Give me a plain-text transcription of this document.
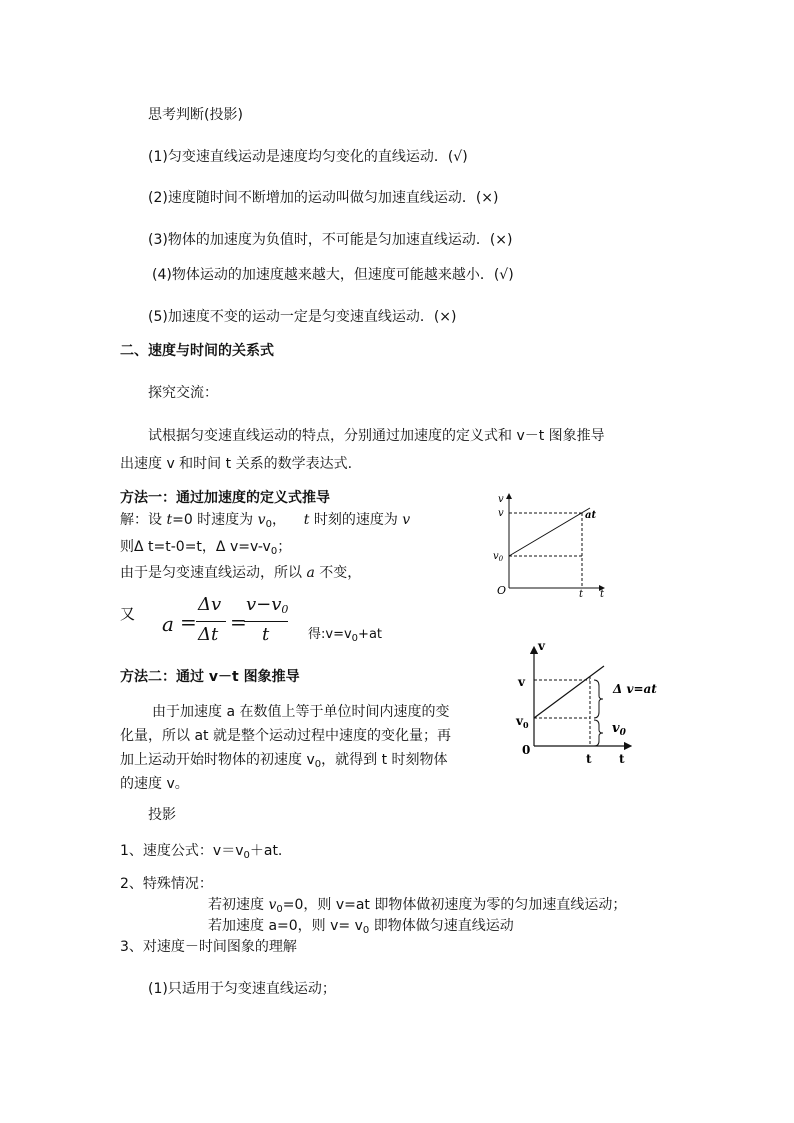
思考判断(投影)
(1)匀变速直线运动是速度均匀变化的直线运动．(√)
(2)速度随时间不断增加的运动叫做匀加速直线运动．(×)
(3)物体的加速度为负值时，不可能是匀加速直线运动．(×)
(4)物体运动的加速度越来越大，但速度可能越来越小．(√)
(5)加速度不变的运动一定是匀变速直线运动．(×)
二、速度与时间的关系式
探究交流：
试根据匀变速直线运动的特点，分别通过加速度的定义式和 v－t 图象推导
出速度 v 和时间 t 关系的数学表达式.
方法一：通过加速度的定义式推导
解：设 t=0 时速度为 $v_0$， t 时刻的速度为 v
则Δ t=t-0=t，Δ $v=v-v_0$；
由于是匀变速直线运动，所以 a 不变，
又 a =
Δv
Δt
=
$v-v_0$
t	得$:v=v_0+at$
v
v
$v_0$
O	t t
at
方法二：通过 v－t 图象推导
由于加速度 a 在数值上等于单位时间内速度的变
化量，所以 at 就是整个运动过程中速度的变化量；再
加上运动开始时物体的初速度 $v_0$，就得到 t 时刻物体
的速度 v。
v
v
$v_0$
0
t t
Δ v=at
$v_0$
投影
1、速度公式：$v=v_0+at$.
2、特殊情况：
若初速度 $v_0=0$，则 v=at 即物体做初速度为零的匀加速直线运动；
若加速度 a=0，则 $v= v_0$ 即物体做匀速直线运动
3、对速度－时间图象的理解
(1)只适用于匀变速直线运动；
